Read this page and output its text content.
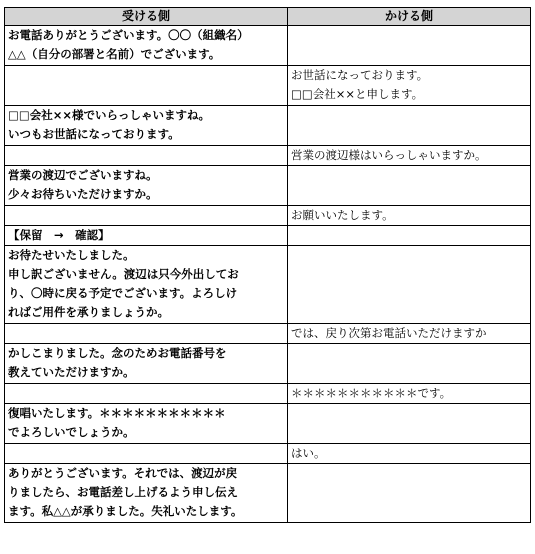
受ける側	かける側

お電話ありがとうございます。〇〇（組織名）
△△（自分の部署と名前）でございます。	

	お世話になっております。
□□会社××と申します。

□□会社××様でいらっしゃいますね。
いつもお世話になっております。	

	営業の渡辺様はいらっしゃいますか。

営業の渡辺でございますね。
少々お待ちいただけますか。	

	お願いいたします。

【保留　→　確認】	

お待たせいたしました。
申し訳ございません。渡辺は只今外出してお
り、〇時に戻る予定でございます。よろしけ
ればご用件を承りましょうか。	

	では、戻り次第お電話いただけますか

かしこまりました。念のためお電話番号を
教えていただけますか。	

	＊＊＊＊＊＊＊＊＊＊＊です。

復唱いたします。＊＊＊＊＊＊＊＊＊＊＊
でよろしいでしょうか。	

	はい。

ありがとうございます。それでは、渡辺が戻
りましたら、お電話差し上げるよう申し伝え
ます。私△△が承りました。失礼いたします。	
